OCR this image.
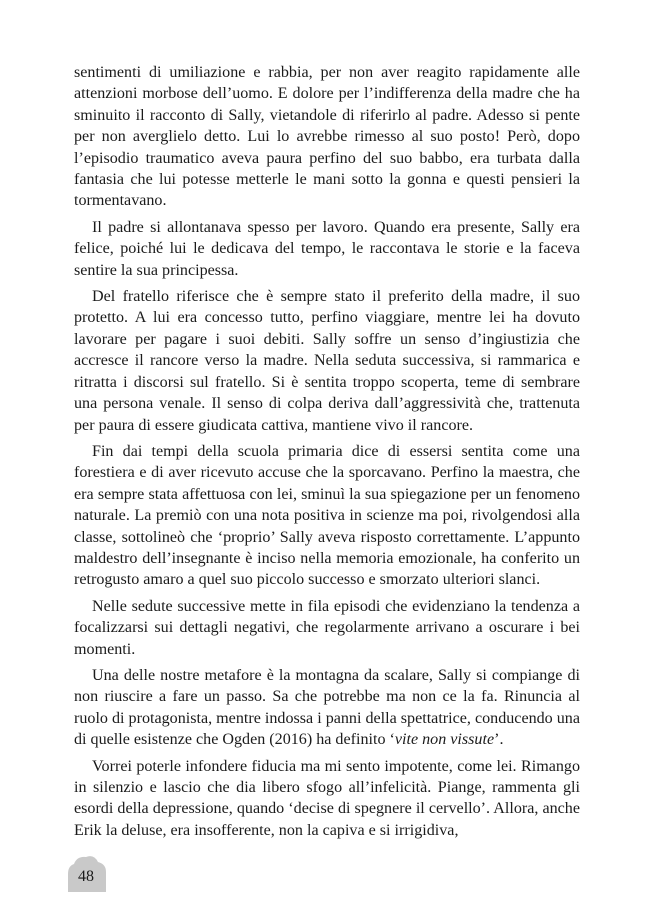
sentimenti di umiliazione e rabbia, per non aver reagito rapidamente alle attenzioni morbose dell’uomo. E dolore per l’indifferenza della madre che ha sminuito il racconto di Sally, vietandole di riferirlo al padre. Adesso si pente per non averglielo detto. Lui lo avrebbe rimesso al suo posto! Però, dopo l’episodio traumatico aveva paura perfino del suo babbo, era turbata dalla fantasia che lui potesse metterle le mani sotto la gonna e questi pensieri la tormentavano.

Il padre si allontanava spesso per lavoro. Quando era presente, Sally era felice, poiché lui le dedicava del tempo, le raccontava le storie e la faceva sentire la sua principessa.

Del fratello riferisce che è sempre stato il preferito della madre, il suo protetto. A lui era concesso tutto, perfino viaggiare, mentre lei ha dovuto lavorare per pagare i suoi debiti. Sally soffre un senso d’ingiustizia che accresce il rancore verso la madre. Nella seduta successiva, si rammarica e ritratta i discorsi sul fratello. Si è sentita troppo scoperta, teme di sembrare una persona venale. Il senso di colpa deriva dall’aggressività che, trattenuta per paura di essere giudicata cattiva, mantiene vivo il rancore.

Fin dai tempi della scuola primaria dice di essersi sentita come una forestiera e di aver ricevuto accuse che la sporcavano. Perfino la maestra, che era sempre stata affettuosa con lei, sminuì la sua spiegazione per un fenomeno naturale. La premiò con una nota positiva in scienze ma poi, rivolgendosi alla classe, sottolineò che ‘proprio’ Sally aveva risposto correttamente. L’appunto maldestro dell’insegnante è inciso nella memoria emozionale, ha conferito un retrogusto amaro a quel suo piccolo successo e smorzato ulteriori slanci.

Nelle sedute successive mette in fila episodi che evidenziano la tendenza a focalizzarsi sui dettagli negativi, che regolarmente arrivano a oscurare i bei momenti.

Una delle nostre metafore è la montagna da scalare, Sally si compiange di non riuscire a fare un passo. Sa che potrebbe ma non ce la fa. Rinuncia al ruolo di protagonista, mentre indossa i panni della spettatrice, conducendo una di quelle esistenze che Ogden (2016) ha definito ‘vite non vissute’.

Vorrei poterle infondere fiducia ma mi sento impotente, come lei. Rimango in silenzio e lascio che dia libero sfogo all’infelicità. Piange, rammenta gli esordi della depressione, quando ‘decise di spegnere il cervello’. Allora, anche Erik la deluse, era insofferente, non la capiva e si irrigidiva,

48
